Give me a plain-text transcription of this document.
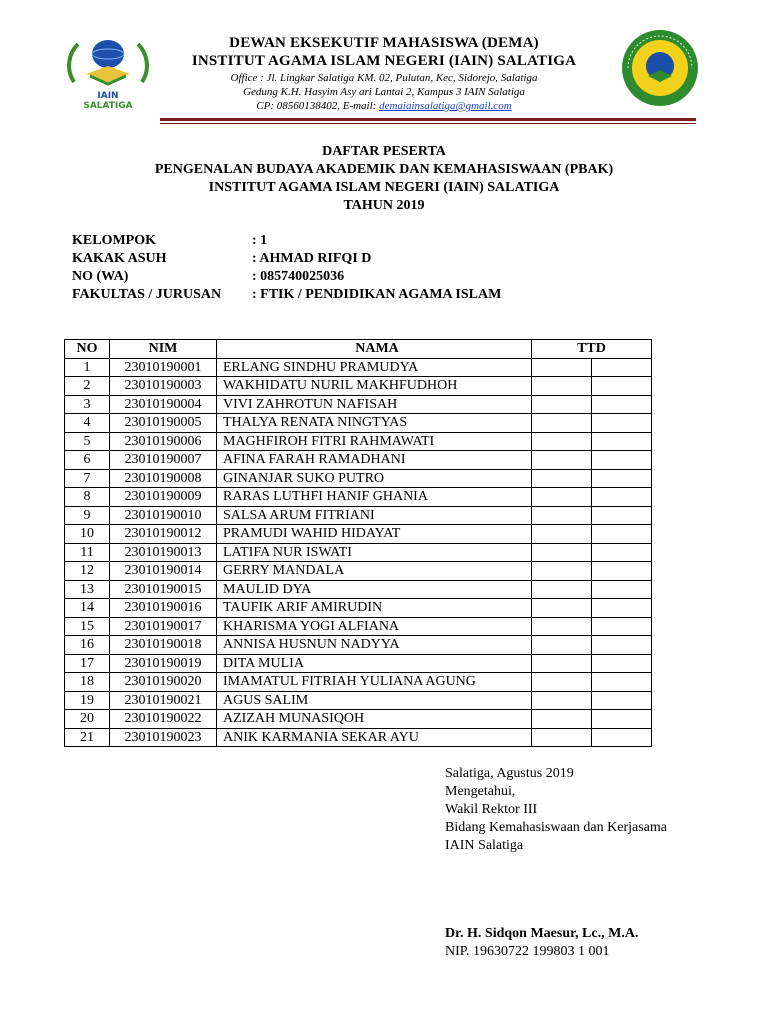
IAIN
SALATIGA
DEWAN EKSEKUTIF MAHASISWA (DEMA)
INSTITUT AGAMA ISLAM NEGERI (IAIN) SALATIGA
Office : Jl. Lingkar Salatiga KM. 02, Pulutan, Kec, Sidorejo, Salatiga
Gedung K.H. Hasyim Asy ari Lantai 2, Kampus 3 IAIN Salatiga
CP: 08560138402, E-mail: demaiainsalatiga@gmail.com
DAFTAR PESERTA
PENGENALAN BUDAYA AKADEMIK DAN KEMAHASISWAAN (PBAK)
INSTITUT AGAMA ISLAM NEGERI (IAIN) SALATIGA
TAHUN 2019
KELOMPOK	: 1
KAKAK ASUH	: AHMAD RIFQI D
NO (WA)	: 085740025036
FAKULTAS / JURUSAN : FTIK / PENDIDIKAN AGAMA ISLAM
NO	NIM	NAMA	TTD	
1	23010190001	ERLANG SINDHU PRAMUDYA		
2	23010190003	WAKHIDATU NURIL MAKHFUDHOH		
3	23010190004	VIVI ZAHROTUN NAFISAH		
4	23010190005	THALYA RENATA NINGTYAS		
5	23010190006	MAGHFIROH FITRI RAHMAWATI		
6	23010190007	AFINA FARAH RAMADHANI		
7	23010190008	GINANJAR SUKO PUTRO		
8	23010190009	RARAS LUTHFI HANIF GHANIA		
9	23010190010	SALSA ARUM FITRIANI		
10	23010190012	PRAMUDI WAHID HIDAYAT		
11	23010190013	LATIFA NUR ISWATI		
12	23010190014	GERRY MANDALA		
13	23010190015	MAULID DYA		
14	23010190016	TAUFIK ARIF AMIRUDIN		
15	23010190017	KHARISMA YOGI ALFIANA		
16	23010190018	ANNISA HUSNUN NADYYA		
17	23010190019	DITA MULIA		
18	23010190020	IMAMATUL FITRIAH YULIANA AGUNG		
19	23010190021	AGUS SALIM		
20	23010190022	AZIZAH MUNASIQOH		
21	23010190023	ANIK KARMANIA SEKAR AYU		
Salatiga, Agustus 2019
Mengetahui,
Wakil Rektor III
Bidang Kemahasiswaan dan Kerjasama
IAIN Salatiga
Dr. H. Sidqon Maesur, Lc., M.A.
NIP. 19630722 199803 1 001
